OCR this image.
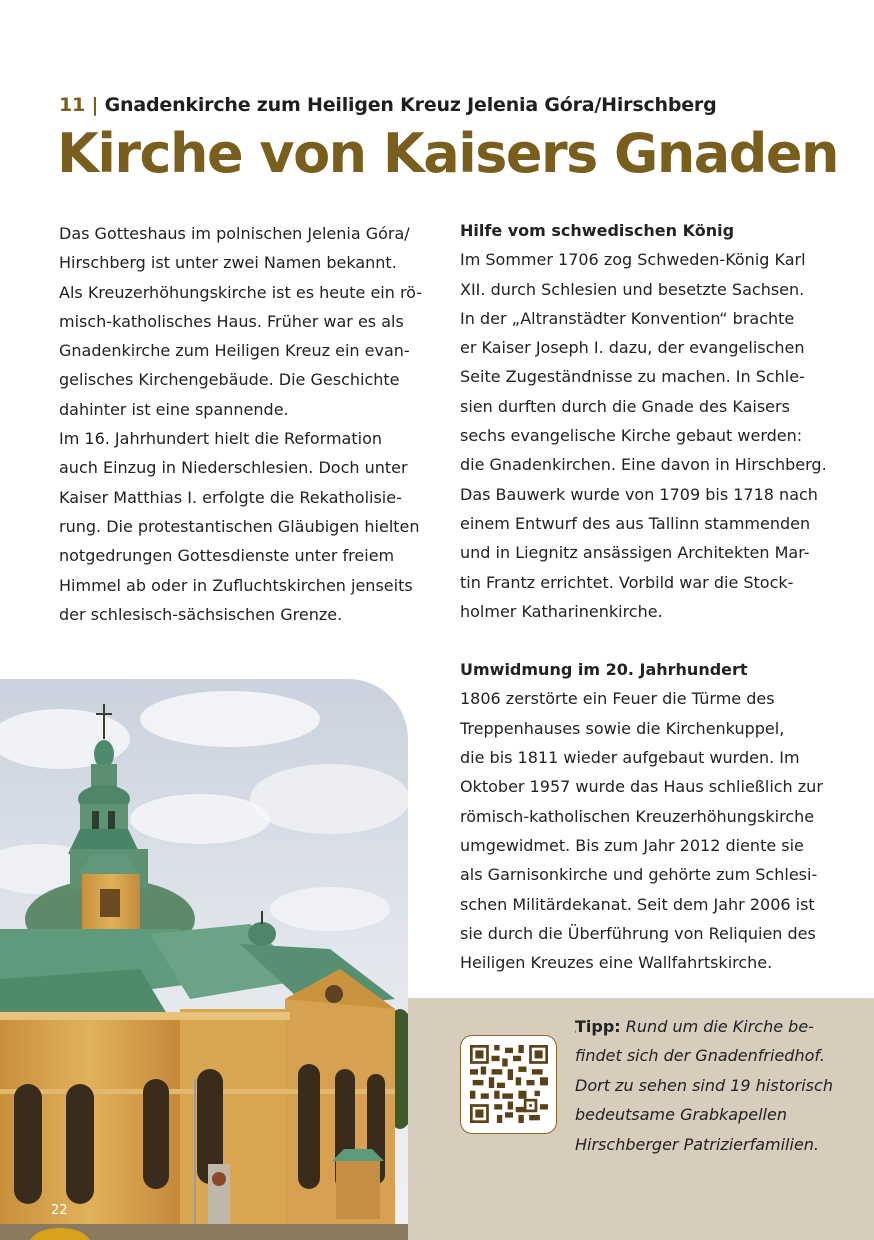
11 | Gnadenkirche zum Heiligen Kreuz Jelenia Góra/Hirschberg
Kirche von Kaisers Gnaden
Das Gotteshaus im polnischen Jelenia Góra/
Hirschberg ist unter zwei Namen bekannt.
Als Kreuzerhöhungskirche ist es heute ein rö-
misch-katholisches Haus. Früher war es als
Gnadenkirche zum Heiligen Kreuz ein evan-
gelisches Kirchengebäude. Die Geschichte
dahinter ist eine spannende.
Im 16. Jahrhundert hielt die Reformation
auch Einzug in Niederschlesien. Doch unter
Kaiser Matthias I. erfolgte die Rekatholisie-
rung. Die protestantischen Gläubigen hielten
notgedrungen Gottesdienste unter freiem
Himmel ab oder in Zufluchtskirchen jenseits
der schlesisch-sächsischen Grenze.
Hilfe vom schwedischen König
Im Sommer 1706 zog Schweden-König Karl
XII. durch Schlesien und besetzte Sachsen.
In der „Altranstädter Konvention“ brachte
er Kaiser Joseph I. dazu, der evangelischen
Seite Zugeständnisse zu machen. In Schle-
sien durften durch die Gnade des Kaisers
sechs evangelische Kirche gebaut werden:
die Gnadenkirchen. Eine davon in Hirschberg.
Das Bauwerk wurde von 1709 bis 1718 nach
einem Entwurf des aus Tallinn stammenden
und in Liegnitz ansässigen Architekten Mar-
tin Frantz errichtet. Vorbild war die Stock-
holmer Katharinenkirche.
Umwidmung im 20. Jahrhundert
1806 zerstörte ein Feuer die Türme des
Treppenhauses sowie die Kirchenkuppel,
die bis 1811 wieder aufgebaut wurden. Im
Oktober 1957 wurde das Haus schließlich zur
römisch-katholischen Kreuzerhöhungskirche
umgewidmet. Bis zum Jahr 2012 diente sie
als Garnisonkirche und gehörte zum Schlesi-
schen Militärdekanat. Seit dem Jahr 2006 ist
sie durch die Überführung von Reliquien des
Heiligen Kreuzes eine Wallfahrtskirche.
Tipp: Rund um die Kirche be-
findet sich der Gnadenfriedhof.
Dort zu sehen sind 19 historisch
bedeutsame Grabkapellen
Hirschberger Patrizierfamilien.
22
